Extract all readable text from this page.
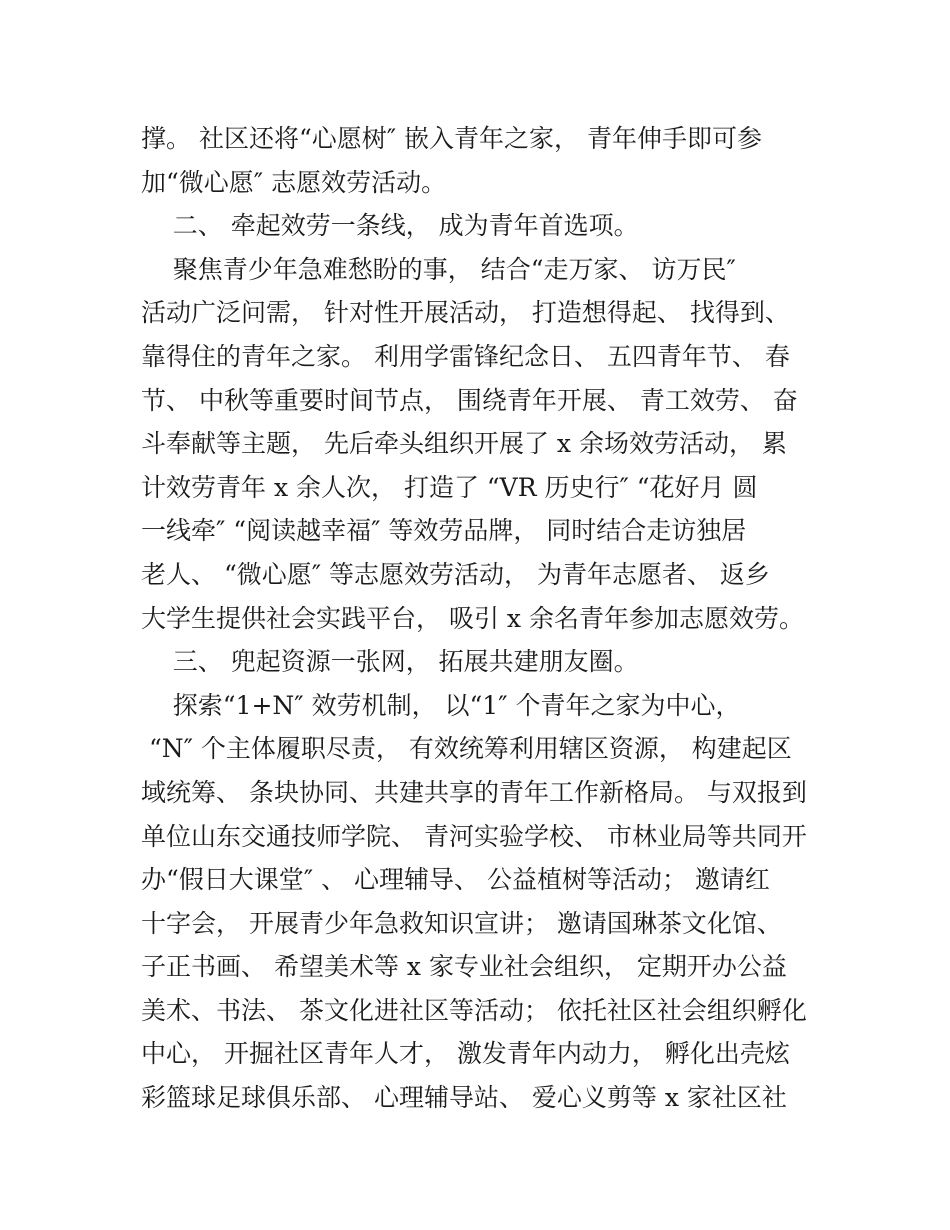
撑。 社区还将“心愿树″ 嵌入青年之家， 青年伸手即可参
加“微心愿″ 志愿效劳活动。
二、 牵起效劳一条线， 成为青年首选项。
聚焦青少年急难愁盼的事， 结合“走万家、 访万民″
活动广泛问需， 针对性开展活动， 打造想得起、 找得到、
靠得住的青年之家。 利用学雷锋纪念日、 五四青年节、 春
节、 中秋等重要时间节点， 围绕青年开展、 青工效劳、 奋
斗奉献等主题， 先后牵头组织开展了 x 余场效劳活动， 累
计效劳青年 x 余人次， 打造了 “VR 历史行″ “花好月 圆
一线牵″ “阅读越幸福″ 等效劳品牌， 同时结合走访独居
老人、 “微心愿″ 等志愿效劳活动， 为青年志愿者、 返乡
大学生提供社会实践平台， 吸引 x 余名青年参加志愿效劳。
三、 兜起资源一张网， 拓展共建朋友圈。
探索“1+N″ 效劳机制， 以“1″ 个青年之家为中心，
“N″ 个主体履职尽责， 有效统筹利用辖区资源， 构建起区
域统筹、 条块协同、共建共享的青年工作新格局。 与双报到
单位山东交通技师学院、 青河实验学校、 市林业局等共同开
办“假日大课堂″ 、 心理辅导、 公益植树等活动； 邀请红
十字会， 开展青少年急救知识宣讲； 邀请国琳茶文化馆、
子正书画、 希望美术等 x 家专业社会组织， 定期开办公益
美术、书法、 茶文化进社区等活动； 依托社区社会组织孵化
中心， 开掘社区青年人才， 激发青年内动力， 孵化出壳炫
彩篮球足球俱乐部、 心理辅导站、 爱心义剪等 x 家社区社
